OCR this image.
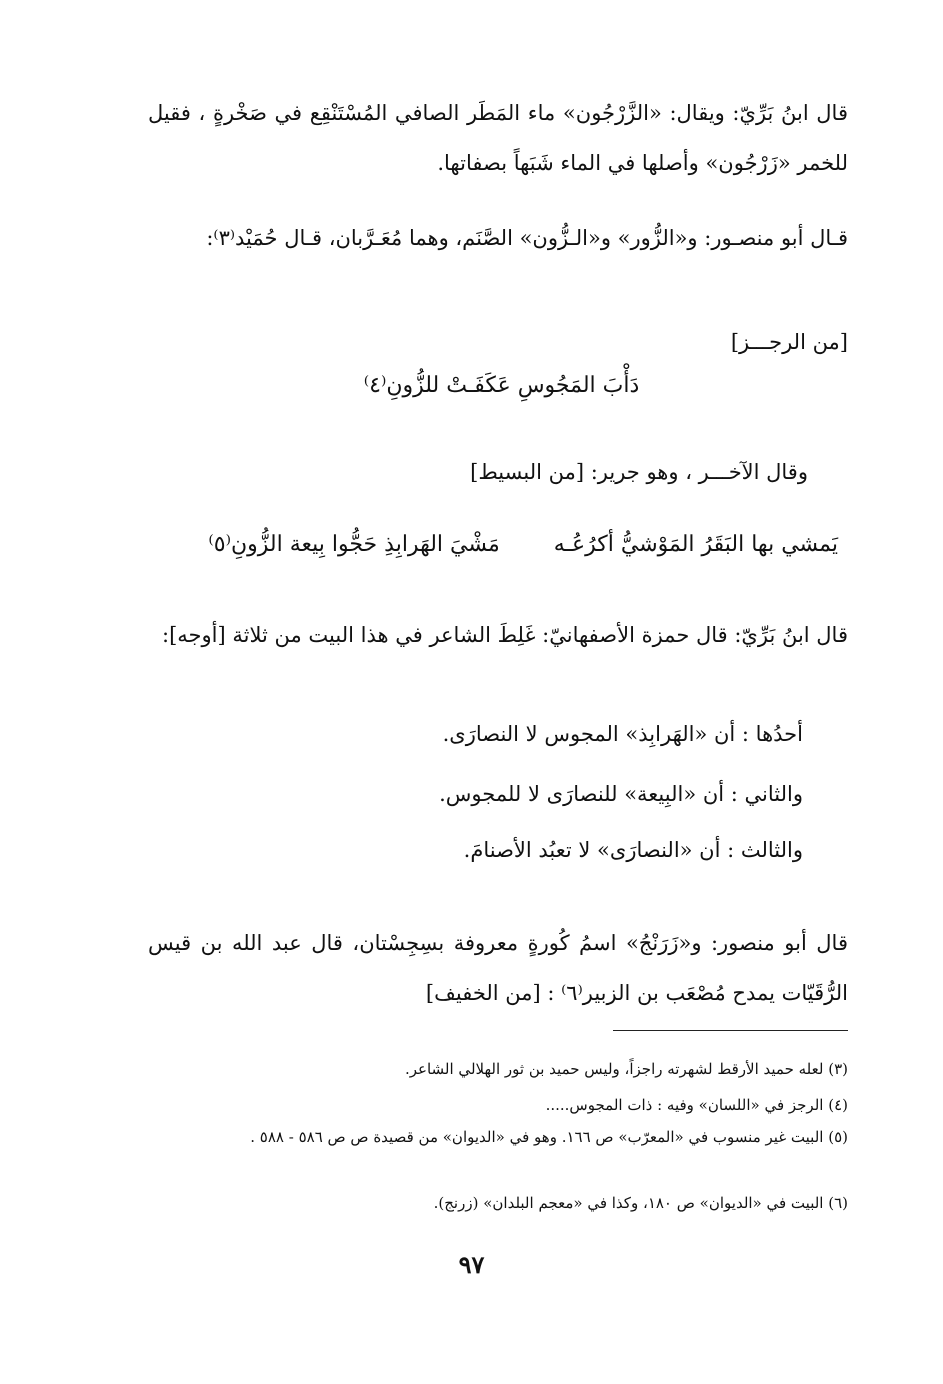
قال ابنُ بَرِّيّ: ويقال: «الزَّرْجُون» ماء المَطَر الصافي المُسْتَنْقِع في صَخْرةٍ ، فقيل للخمر «زَرْجُون» وأصلها في الماء شَبَهاً بصفاتها.
قـال أبو منصـور: و«الزُّور» و«الـزُّون» الصَّنَم، وهما مُعَـرَّبان، قـال حُمَيْد⁽٣⁾:
[من الرجـــز]
دَأْبَ المَجُوسِ عَكَفَـتْ للزُّونِ⁽٤⁾
وقال الآخـــر ، وهو جرير: [من البسيط]
يَمشي بها البَقَرُ المَوْشيُّ أكرُعُـه  مَشْيَ الهَرابِذِ حَجُّوا بِيعة الزُّونِ⁽٥⁾
قال ابنُ بَرِّيّ: قال حمزة الأصفهانيّ: غَلِطَ الشاعر في هذا البيت من ثلاثة [أوجه]:
أحدُها : أن «الهَرابِذ» المجوس لا النصارَى.
والثاني : أن «البِيعة» للنصارَى لا للمجوس.
والثالث : أن «النصارَى» لا تعبُد الأصنامَ.
قال أبو منصور: و«زَرَنْجُ» اسمُ كُورةٍ معروفة بسِجِسْتان، قال عبد الله بن قيس الرُّقَيّات يمدح مُصْعَب بن الزبير⁽٦⁾ : [من الخفيف]
(٣) لعله حميد الأرقط لشهرته راجزاً، وليس حميد بن ثور الهلالي الشاعر.
(٤) الرجز في «اللسان» وفيه : ذات المجوس.....
(٥) البيت غير منسوب في «المعرّب» ص ١٦٦. وهو في «الديوان» من قصيدة ص ص ٥٨٦ - ٥٨٨ .
(٦) البيت في «الديوان» ص ١٨٠، وكذا في «معجم البلدان» (زرنج).
٩٧
